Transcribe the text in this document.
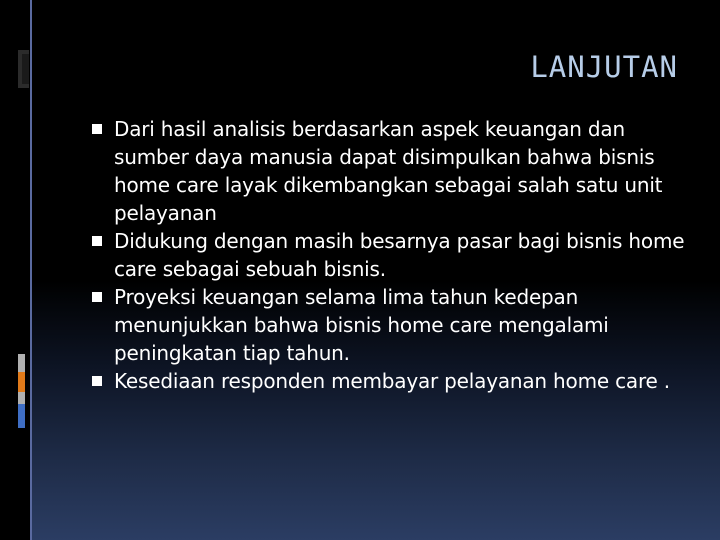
LANJUTAN
Dari hasil analisis berdasarkan aspek keuangan dan sumber daya manusia dapat disimpulkan bahwa bisnis home care layak dikembangkan sebagai salah satu unit pelayanan
Didukung dengan masih besarnya pasar bagi bisnis home care sebagai sebuah bisnis.
Proyeksi keuangan selama lima tahun kedepan menunjukkan bahwa bisnis home care mengalami peningkatan tiap tahun.
Kesediaan responden membayar pelayanan home care .
